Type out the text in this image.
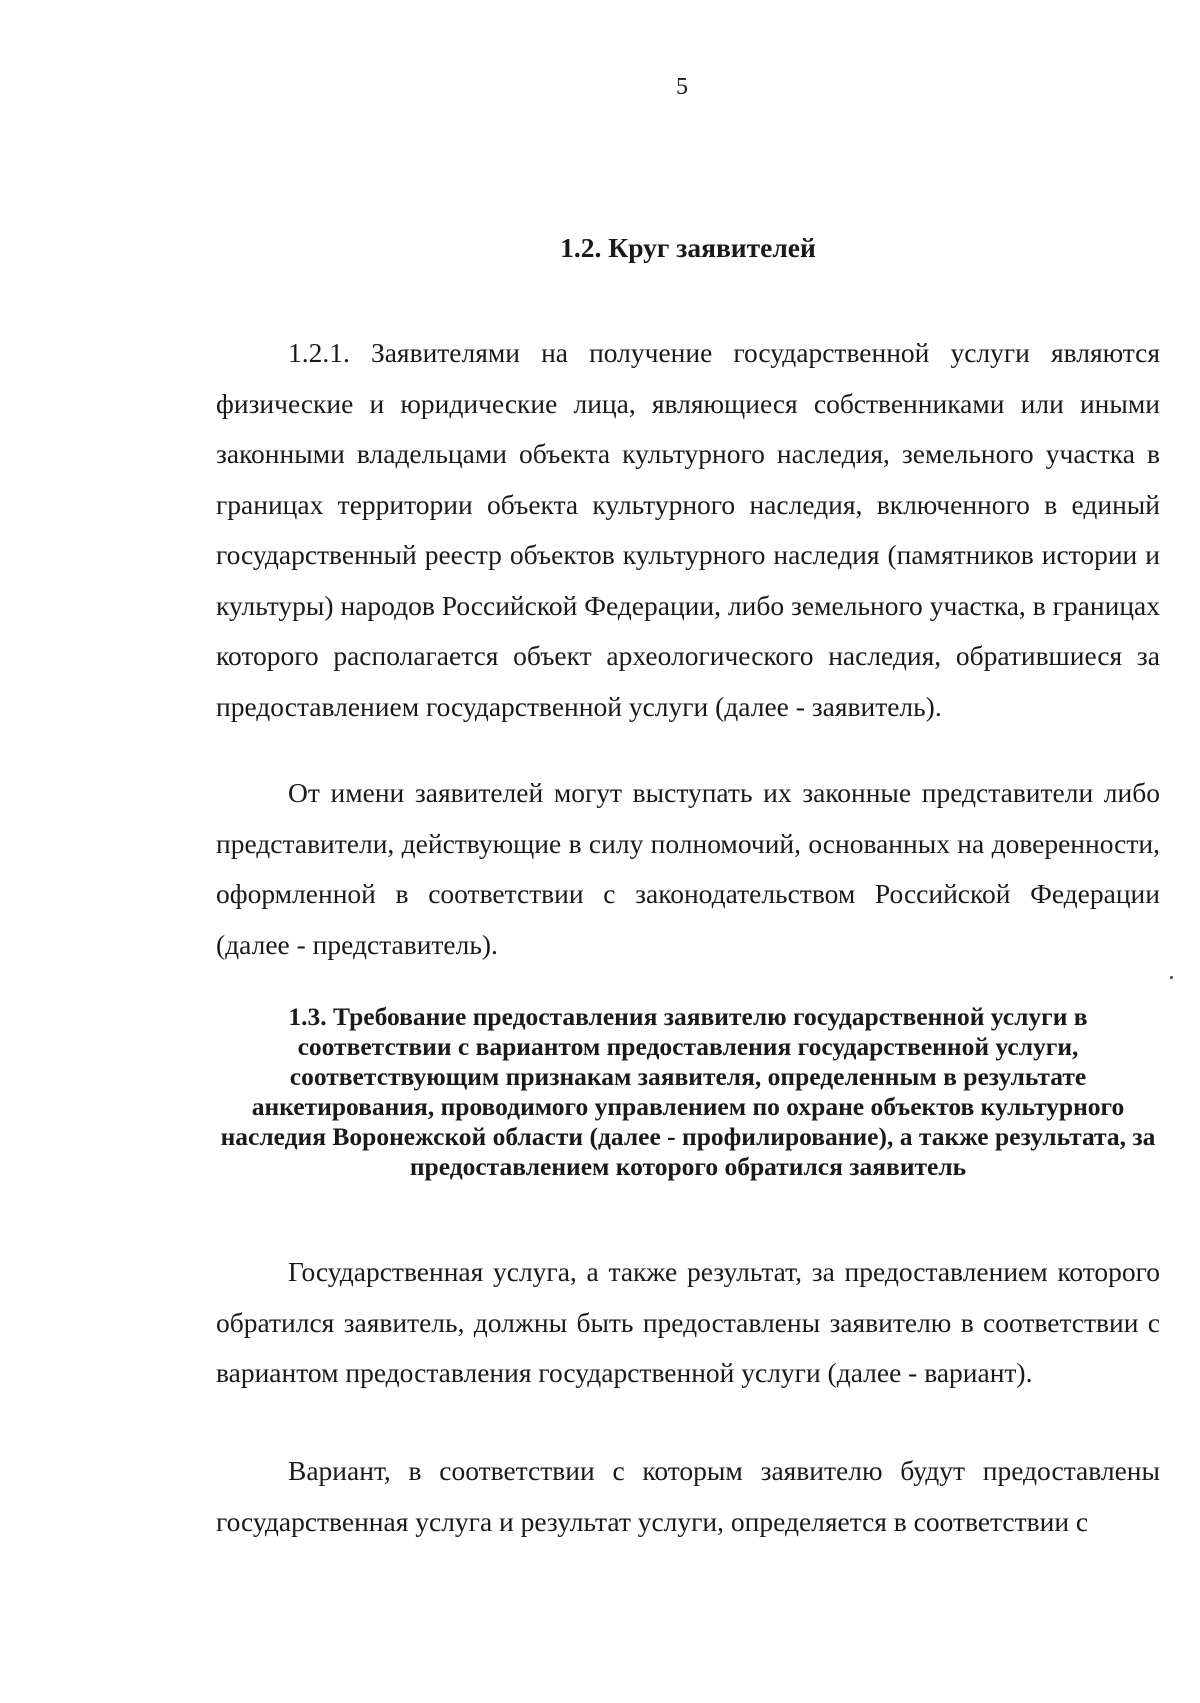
5
1.2. Круг заявителей

1.2.1. Заявителями на получение государственной услуги являются физические и юридические лица, являющиеся собственниками или иными законными владельцами объекта культурного наследия, земельного участка в границах территории объекта культурного наследия, включенного в единый государственный реестр объектов культурного наследия (памятников истории и культуры) народов Российской Федерации, либо земельного участка, в границах которого располагается объект археологического наследия, обратившиеся за предоставлением государственной услуги (далее - заявитель).

От имени заявителей могут выступать их законные представители либо представители, действующие в силу полномочий, основанных на доверенности, оформленной в соответствии с законодательством Российской Федерации (далее - представитель).

1.3. Требование предоставления заявителю государственной услуги в соответствии с вариантом предоставления государственной услуги, соответствующим признакам заявителя, определенным в результате анкетирования, проводимого управлением по охране объектов культурного наследия Воронежской области (далее - профилирование), а также результата, за предоставлением которого обратился заявитель

Государственная услуга, а также результат, за предоставлением которого обратился заявитель, должны быть предоставлены заявителю в соответствии с вариантом предоставления государственной услуги (далее - вариант).

Вариант, в соответствии с которым заявителю будут предоставлены государственная услуга и результат услуги, определяется в соответствии с
